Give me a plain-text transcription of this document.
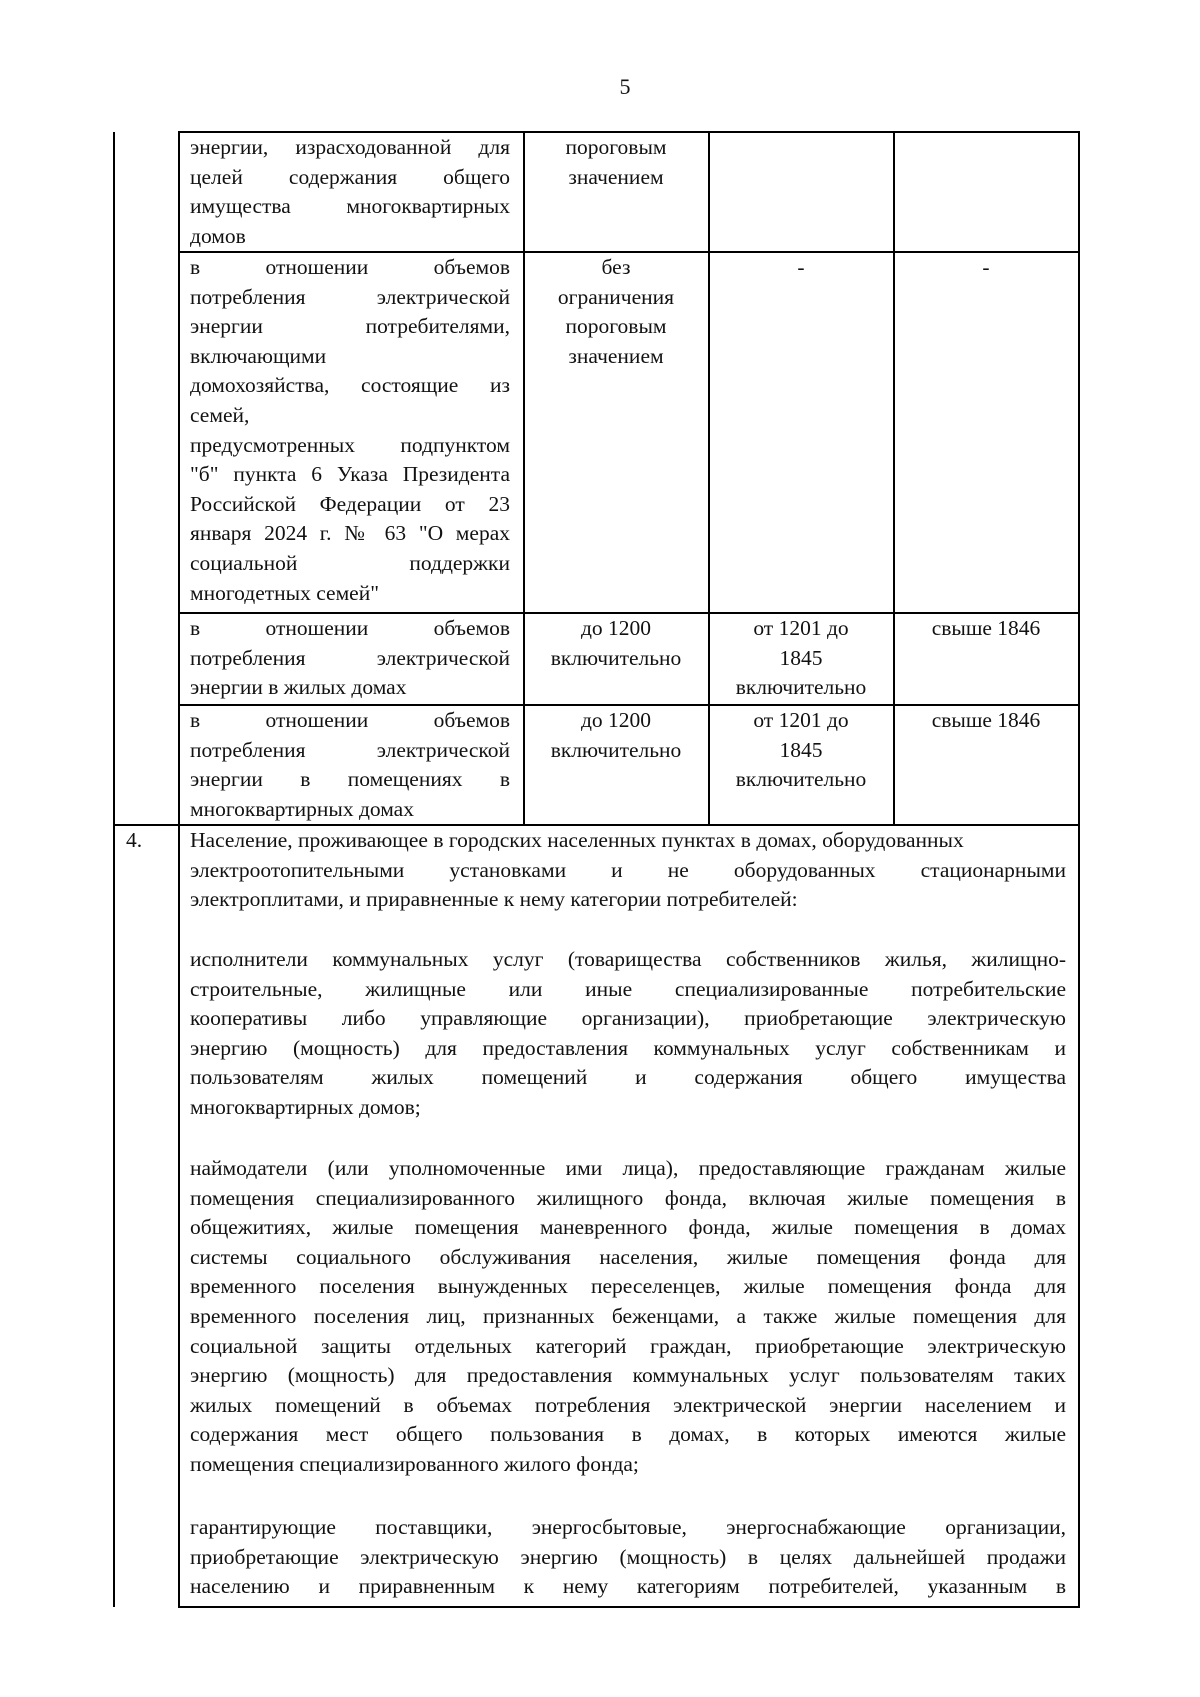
5
энергии, израсходованной для
целей содержания общего
имущества многоквартирных
домов
пороговым
значением
в отношении объемов
потребления электрической
энергии потребителями,
включающими
домохозяйства, состоящие из
семей,
предусмотренных подпунктом
"б" пункта 6 Указа Президента
Российской Федерации от 23
января 2024 г. № 63 "О мерах
социальной поддержки
многодетных семей"
без
ограничения
пороговым
значением
-	-
в отношении объемов
потребления электрической
энергии в жилых домах
до 1200
включительно
от 1201 до
1845
включительно
свыше 1846
в отношении объемов
потребления электрической
энергии в помещениях в
многоквартирных домах
до 1200
включительно
от 1201 до
1845
включительно
свыше 1846
4.	Население, проживающее в городских населенных пунктах в домах, оборудованных
электроотопительными установками и не оборудованных стационарными
электроплитами, и приравненные к нему категории потребителей:
исполнители коммунальных услуг (товарищества собственников жилья, жилищно-
строительные, жилищные или иные специализированные потребительские
кооперативы либо управляющие организации), приобретающие электрическую
энергию (мощность) для предоставления коммунальных услуг собственникам и
пользователям жилых помещений и содержания общего имущества
многоквартирных домов;
наймодатели (или уполномоченные ими лица), предоставляющие гражданам жилые
помещения специализированного жилищного фонда, включая жилые помещения в
общежитиях, жилые помещения маневренного фонда, жилые помещения в домах
системы социального обслуживания населения, жилые помещения фонда для
временного поселения вынужденных переселенцев, жилые помещения фонда для
временного поселения лиц, признанных беженцами, а также жилые помещения для
социальной защиты отдельных категорий граждан, приобретающие электрическую
энергию (мощность) для предоставления коммунальных услуг пользователям таких
жилых помещений в объемах потребления электрической энергии населением и
содержания мест общего пользования в домах, в которых имеются жилые
помещения специализированного жилого фонда;
гарантирующие поставщики, энергосбытовые, энергоснабжающие организации,
приобретающие электрическую энергию (мощность) в целях дальнейшей продажи
населению и приравненным к нему категориям потребителей, указанным в
